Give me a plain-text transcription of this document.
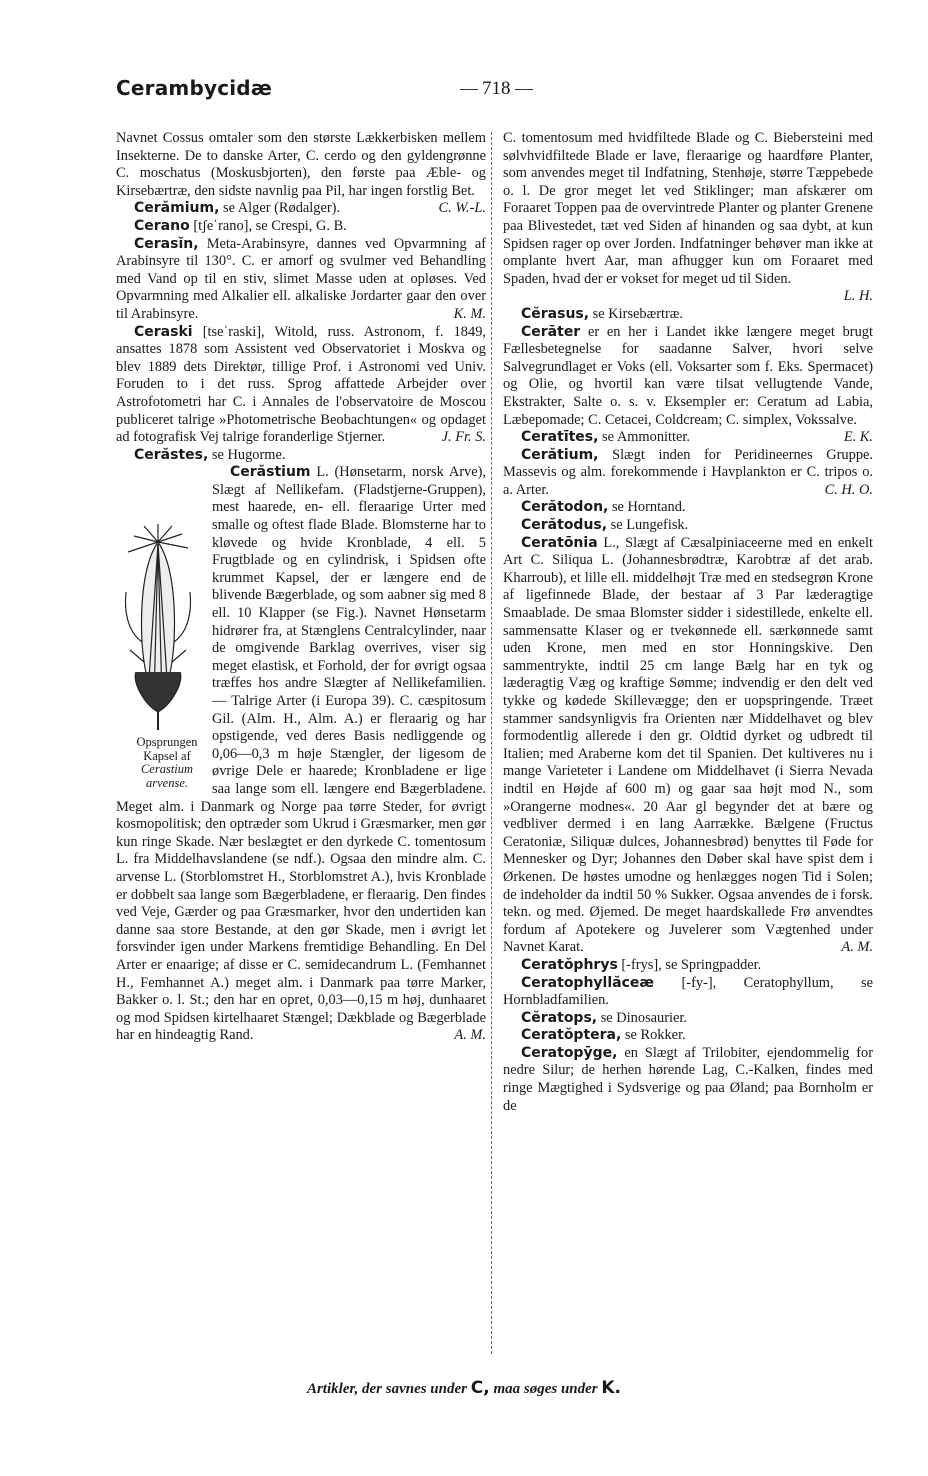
Cerambycidæ	718

Navnet Cossus omtaler som den største Lækkerbisken mellem Insekterne. De to danske Arter, C. cerdo og den gyldengrønne C. moschatus (Moskusbjorten), den første paa Æble- og Kirsebærtræ, den sidste navnlig paa Pil, har ingen forstlig Bet.
C. W.-L.

Cerămium, se Alger (Rødalger).

Cerano [tʃeˈrano], se Crespi, G. B.

Cerasĭn, Meta-Arabinsyre, dannes ved Opvarmning af Arabinsyre til 130°. C. er amorf og svulmer ved Behandling med Vand op til en stiv, slimet Masse uden at opløses. Ved Opvarmning med Alkalier ell. alkaliske Jordarter gaar den over til Arabinsyre.	K. M.

Ceraski [tseˈraski], Witold, russ. Astronom, f. 1849, ansattes 1878 som Assistent ved Observatoriet i Moskva og blev 1889 dets Direktør, tillige Prof. i Astronomi ved Univ. Foruden to i det russ. Sprog affattede Arbejder over Astrofotometri har C. i Annales de l'observatoire de Moscou publiceret talrige »Photometrische Beobachtungen« og opdaget ad fotografisk Vej talrige foranderlige Stjerner.	J. Fr. S.

Cerăstes, se Hugorme.

Cerăstium
Opsprungen
Kapsel af
Cerastium
arvense.
L. (Hønsetarm, norsk Arve), Slægt af Nellikefam. (Fladstjerne-Gruppen), mest haarede, en- ell. fleraarige Urter med smalle og oftest flade Blade. Blomsterne har to kløvede og hvide Kronblade, 4 ell. 5 Frugtblade og en cylindrisk, i Spidsen ofte krummet Kapsel, der er længere end de blivende Bægerblade, og som aabner sig med 8 ell. 10 Klapper (se Fig.). Navnet Hønsetarm hidrører fra, at Stænglens Centralcylinder, naar de omgivende Barklag overrives, viser sig meget elastisk, et Forhold, der for øvrigt ogsaa træffes hos andre Slægter af Nellikefamilien. — Talrige Arter (i Europa 39). C. cæspitosum Gil. (Alm. H., Alm. A.) er fleraarig og har opstigende, ved deres Basis nedliggende og 0,06—0,3 m høje Stængler, der ligesom de øvrige Dele er haarede; Kronbladene er lige saa lange som ell. længere end Bægerbladene. Meget alm. i Danmark og Norge paa tørre Steder, for øvrigt kosmopolitisk; den optræder som Ukrud i Græsmarker, men gør kun ringe Skade. Nær beslægtet er den dyrkede C. tomentosum L. fra Middelhavslandene (se ndf.). Ogsaa den mindre alm. C. arvense L. (Storblomstret H., Storblomstret A.), hvis Kronblade er dobbelt saa lange som Bægerbladene, er fleraarig. Den findes ved Veje, Gærder og paa Græsmarker, hvor den undertiden kan danne saa store Bestande, at den gør Skade, men i øvrigt let forsvinder igen under Markens fremtidige Behandling. En Del Arter er enaarige; af disse er C. semidecandrum L. (Femhannet H., Femhannet A.) meget alm. i Danmark paa tørre Marker, Bakker o. l. St.; den har en opret, 0,03—0,15 m høj, dunhaaret og mod Spidsen kirtelhaaret Stængel; Dækblade og Bægerblade har en hindeagtig Rand.	A. M.

C. tomentosum med hvidfiltede Blade og C. Biebersteini med sølvhvidfiltede Blade er lave, fleraarige og haardføre Planter, som anvendes meget til Indfatning, Stenhøje, større Tæppebede o. l. De gror meget let ved Stiklinger; man afskærer om Foraaret Toppen paa de overvintrede Planter og planter Grenene paa Blivestedet, tæt ved Siden af hinanden og saa dybt, at kun Spidsen rager op over Jorden. Indfatninger behøver man ikke at omplante hvert Aar, man afhugger kun om Foraaret med Spaden, hvad der er vokset for meget ud til Siden.

L. H.

Cĕrasus, se Kirsebærtræ.

Cerāter er en her i Landet ikke længere meget brugt Fællesbetegnelse for saadanne Salver, hvori selve Salvegrundlaget er Voks (ell. Voksarter som f. Eks. Spermacet) og Olie, og hvortil kan være tilsat vellugtende Vande, Ekstrakter, Salte o. s. v. Eksempler er: Ceratum ad Labia, Læbepomade; C. Cetacei, Coldcream; C. simplex, Vokssalve.
E. K.

Ceratītes, se Ammonitter.

Cerătium, Slægt inden for Peridineernes Gruppe. Massevis og alm. forekommende i Havplankton er C. tripos o. a. Arter.	C. H. O.

Cerătodon, se Horntand.

Cerătodus, se Lungefisk.

Ceratōnia L., Slægt af Cæsalpiniaceerne med en enkelt Art C. Siliqua L. (Johannesbrødtræ, Karobtræ af det arab. Kharroub), et lille ell. middelhøjt Træ med en stedsegrøn Krone af ligefinnede Blade, der bestaar af 3 Par læderagtige Smaablade. De smaa Blomster sidder i sidestillede, enkelte ell. sammensatte Klaser og er tvekønnede ell. særkønnede samt uden Krone, men med en stor Honningskive. Den sammentrykte, indtil 25 cm lange Bælg har en tyk og læderagtig Væg og kraftige Sømme; indvendig er den delt ved tykke og kødede Skillevægge; den er uopspringende. Træet stammer sandsynligvis fra Orienten nær Middelhavet og blev formodentlig allerede i den gr. Oldtid dyrket og udbredt til Italien; med Araberne kom det til Spanien. Det kultiveres nu i mange Varieteter i Landene om Middelhavet (i Sierra Nevada indtil en Højde af 600 m) og gaar saa højt mod N., som »Orangerne modnes«. 20 Aar gl begynder det at bære og vedbliver dermed i en lang Aarrække. Bælgene (Fructus Ceratoniæ, Siliquæ dulces, Johannesbrød) benyttes til Føde for Mennesker og Dyr; Johannes den Døber skal have spist dem i Ørkenen. De høstes umodne og henlægges nogen Tid i Solen; de indeholder da indtil 50 % Sukker. Ogsaa anvendes de i forsk. tekn. og med. Øjemed. De meget haardskallede Frø anvendtes fordum af Apotekere og Juvelerer som Vægtenhed under Navnet Karat.	A. M.

Ceratŏphrys [-frys], se Springpadder.

Ceratophyllăceæ [-fy-], Ceratophyllum, se Hornbladfamilien.

Cĕratops, se Dinosaurier.

Ceratŏptera, se Rokker.

Ceratopȳge, en Slægt af Trilobiter, ejendommelig for nedre Silur; de herhen hørende Lag, C.-Kalken, findes med ringe Mægtighed i Sydsverige og paa Øland; paa Bornholm er de

Artikler, der savnes under C, maa søges under K.
